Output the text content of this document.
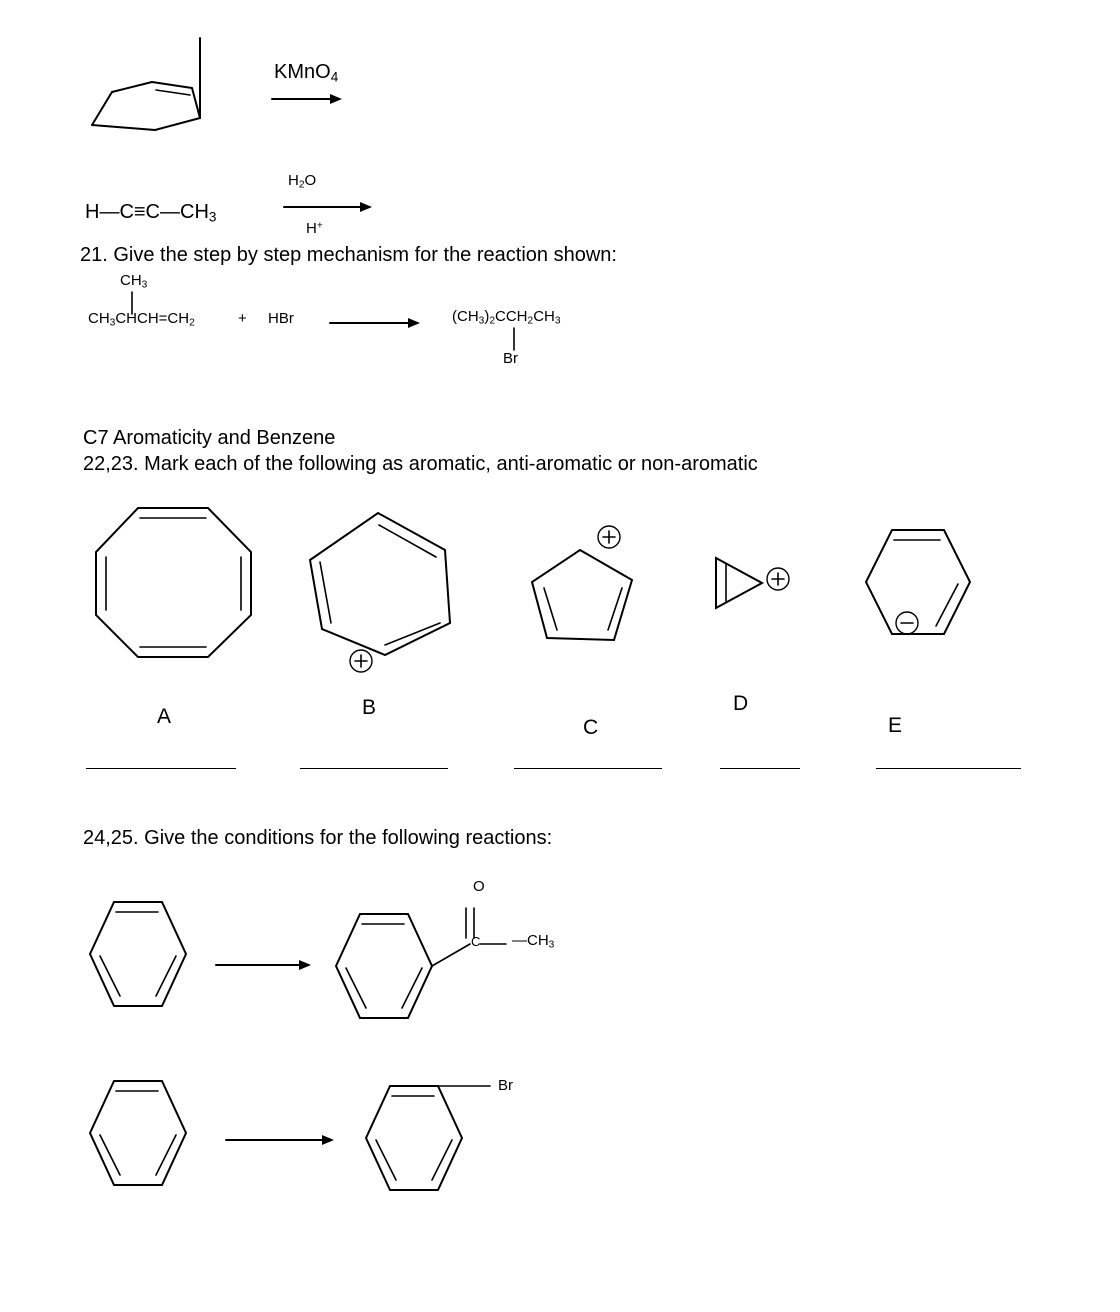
KMnO$_4$
$H—C\equiv C—CH_3$
$H_2O$
H+
21. Give the step by step mechanism for the reaction shown:
$CH_3$
$CH_3CHCH=CH_2$	+ HBr	$(CH_3)_2CCH_2CH_3$
Br
C7 Aromaticity and Benzene
22,23. Mark each of the following as aromatic, anti-aromatic or non-aromatic
A	B
C
D
E
24,25. Give the conditions for the following reactions:
O
C $—CH_3$
Br
